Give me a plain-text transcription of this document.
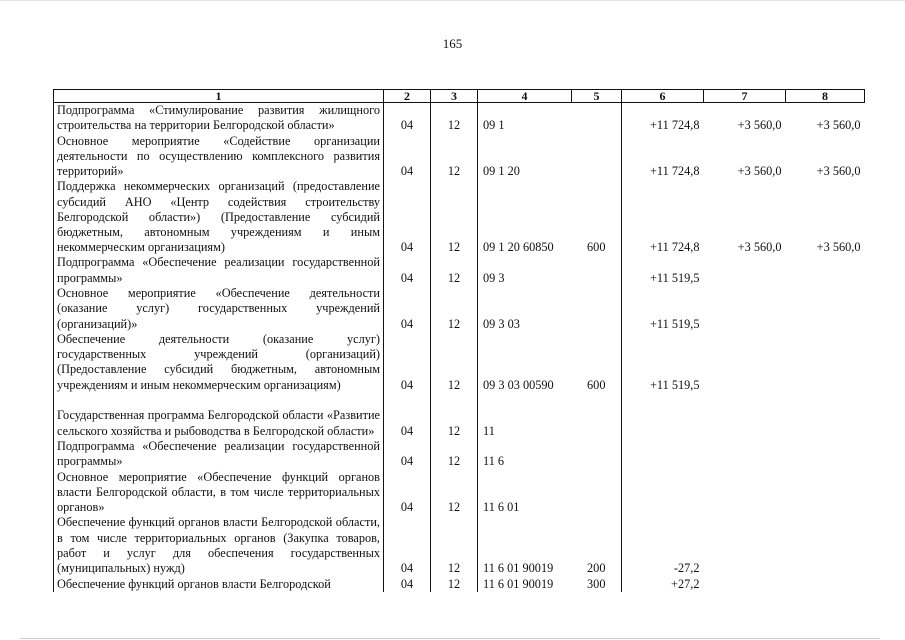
165
1	2	3	4	5	6	7	8
Подпрограмма «Стимулирование развития жилищного строительства на территории Белгородской области»	04	12	09 1		+11 724,8	+3 560,0	+3 560,0
Основное мероприятие «Содействие организации деятельности по осуществлению комплексного развития территорий»	04	12	09 1 20		+11 724,8	+3 560,0	+3 560,0
Поддержка некоммерческих организаций (предоставление субсидий АНО «Центр содействия строительству Белгородской области») (Предоставление субсидий бюджетным, автономным учреждениям и иным некоммерческим организациям)	04	12	09 1 20 60850	600	+11 724,8	+3 560,0	+3 560,0
Подпрограмма «Обеспечение реализации государственной программы»	04	12	09 3		+11 519,5		
Основное мероприятие «Обеспечение деятельности (оказание услуг) государственных учреждений (организаций)»	04	12	09 3 03		+11 519,5		
Обеспечение деятельности (оказание услуг) государственных учреждений (организаций) (Предоставление субсидий бюджетным, автономным учреждениям и иным некоммерческим организациям)	04	12	09 3 03 00590	600	+11 519,5		
Государственная программа Белгородской области «Развитие сельского хозяйства и рыбоводства в Белгородской области»	04	12	11				
Подпрограмма «Обеспечение реализации государственной программы»	04	12	11 6				
Основное мероприятие «Обеспечение функций органов власти Белгородской области, в том числе территориальных органов»	04	12	11 6 01				
Обеспечение функций органов власти Белгородской области, в том числе территориальных органов (Закупка товаров, работ и услуг для обеспечения государственных (муниципальных) нужд)	04	12	11 6 01 90019	200	-27,2		
Обеспечение функций органов власти Белгородской	04	12	11 6 01 90019	300	+27,2		
